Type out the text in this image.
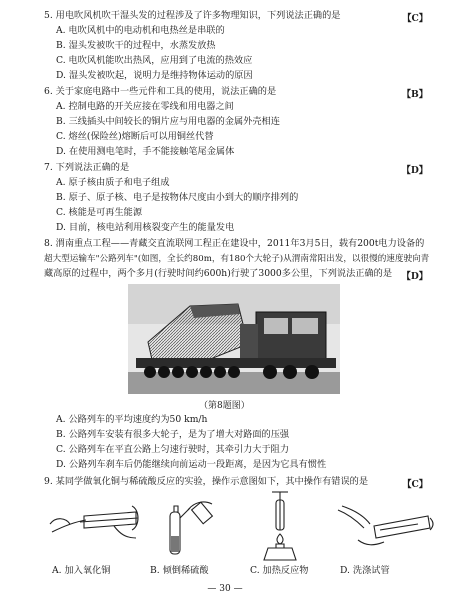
5. 用电吹风机吹干湿头发的过程涉及了许多物理知识，下列说法正确的是	【C】
A. 电吹风机中的电动机和电热丝是串联的
B. 湿头发被吹干的过程中，水蒸发放热
C. 电吹风机能吹出热风，应用到了电流的热效应
D. 湿头发被吹起，说明力是维持物体运动的原因
6. 关于家庭电路中一些元件和工具的使用，说法正确的是	【B】
A. 控制电路的开关应接在零线和用电器之间
B. 三线插头中间较长的铜片应与用电器的金属外壳相连
C. 熔丝(保险丝)熔断后可以用铜丝代替
D. 在使用测电笔时，手不能接触笔尾金属体
7. 下列说法正确的是	【D】
A. 原子核由质子和电子组成
B. 原子、原子核、电子是按物体尺度由小到大的顺序排列的
C. 核能是可再生能源
D. 目前，核电站利用核裂变产生的能量发电
8. 渭南重点工程——青藏交直流联网工程正在建设中，2011年3月5日，载有200t电力设备的
超大型运输车"公路列车"(如图，全长约80m，有180个大轮子)从渭南常阳出发，以很慢的速度驶向青
藏高原的过程中，两个多月(行驶时间约600h)行驶了3000多公里，下列说法正确的是 【D】
（第8题图）
A. 公路列车的平均速度约为50 km/h
B. 公路列车安装有很多大轮子，是为了增大对路面的压强
C. 公路列车在平直公路上匀速行驶时，其牵引力大于阻力
D. 公路列车刹车后仍能继续向前运动一段距离，是因为它具有惯性
9. 某同学做氧化铜与稀硫酸反应的实验，操作示意图如下，其中操作有错误的是	【C】
A. 加入氧化铜	B. 倾倒稀硫酸	C. 加热反应物	D. 洗涤试管
— 30 —
